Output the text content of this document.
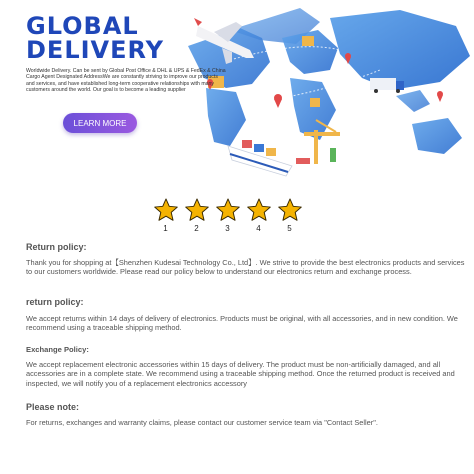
GLOBAL
DELIVERY

Worldwide Delivery. Can be sent by Global Post Office & DHL & UPS & FedEx & China Cargo Agent Designated AddressWe are constantly striving to improve our products and services, and have established long-term cooperative relationships with many customers around the world. Our goal is to become a leading supplier

LEARN MORE
1	2	3	4	5

Return policy:

Thank you for shopping at【Shenzhen Kudesai Technology Co., Ltd】. We strive to provide the best electronics products and services to our customers worldwide. Please read our policy below to understand our electronics return and exchange process.

return policy:

We accept returns within 14 days of delivery of electronics. Products must be original, with all accessories, and in new condition. We recommend using a traceable shipping method.

Exchange Policy:

We accept replacement electronic accessories within 15 days of delivery. The product must be non-artificially damaged, and all accessories are in a complete state. We recommend using a traceable shipping method. Once the returned product is received and inspected, we will notify you of a replacement electronics accessory

Please note:

For returns, exchanges and warranty claims, please contact our customer service team via "Contact Seller".
